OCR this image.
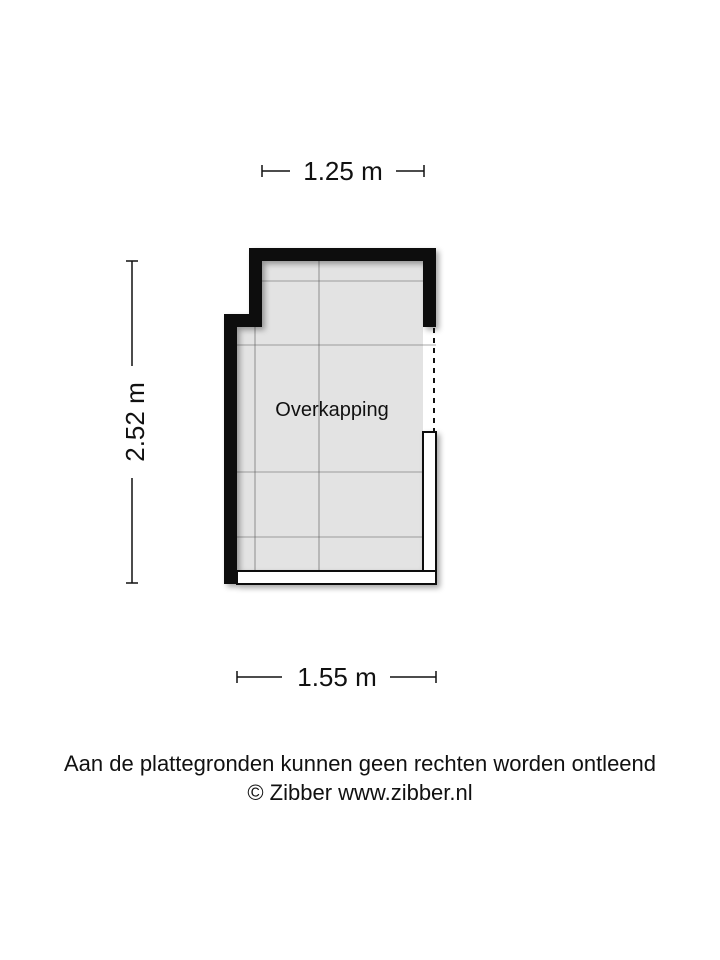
1.25 m
2.52 m
1.55 m
Overkapping
Aan de plattegronden kunnen geen rechten worden ontleend
© Zibber www.zibber.nl
